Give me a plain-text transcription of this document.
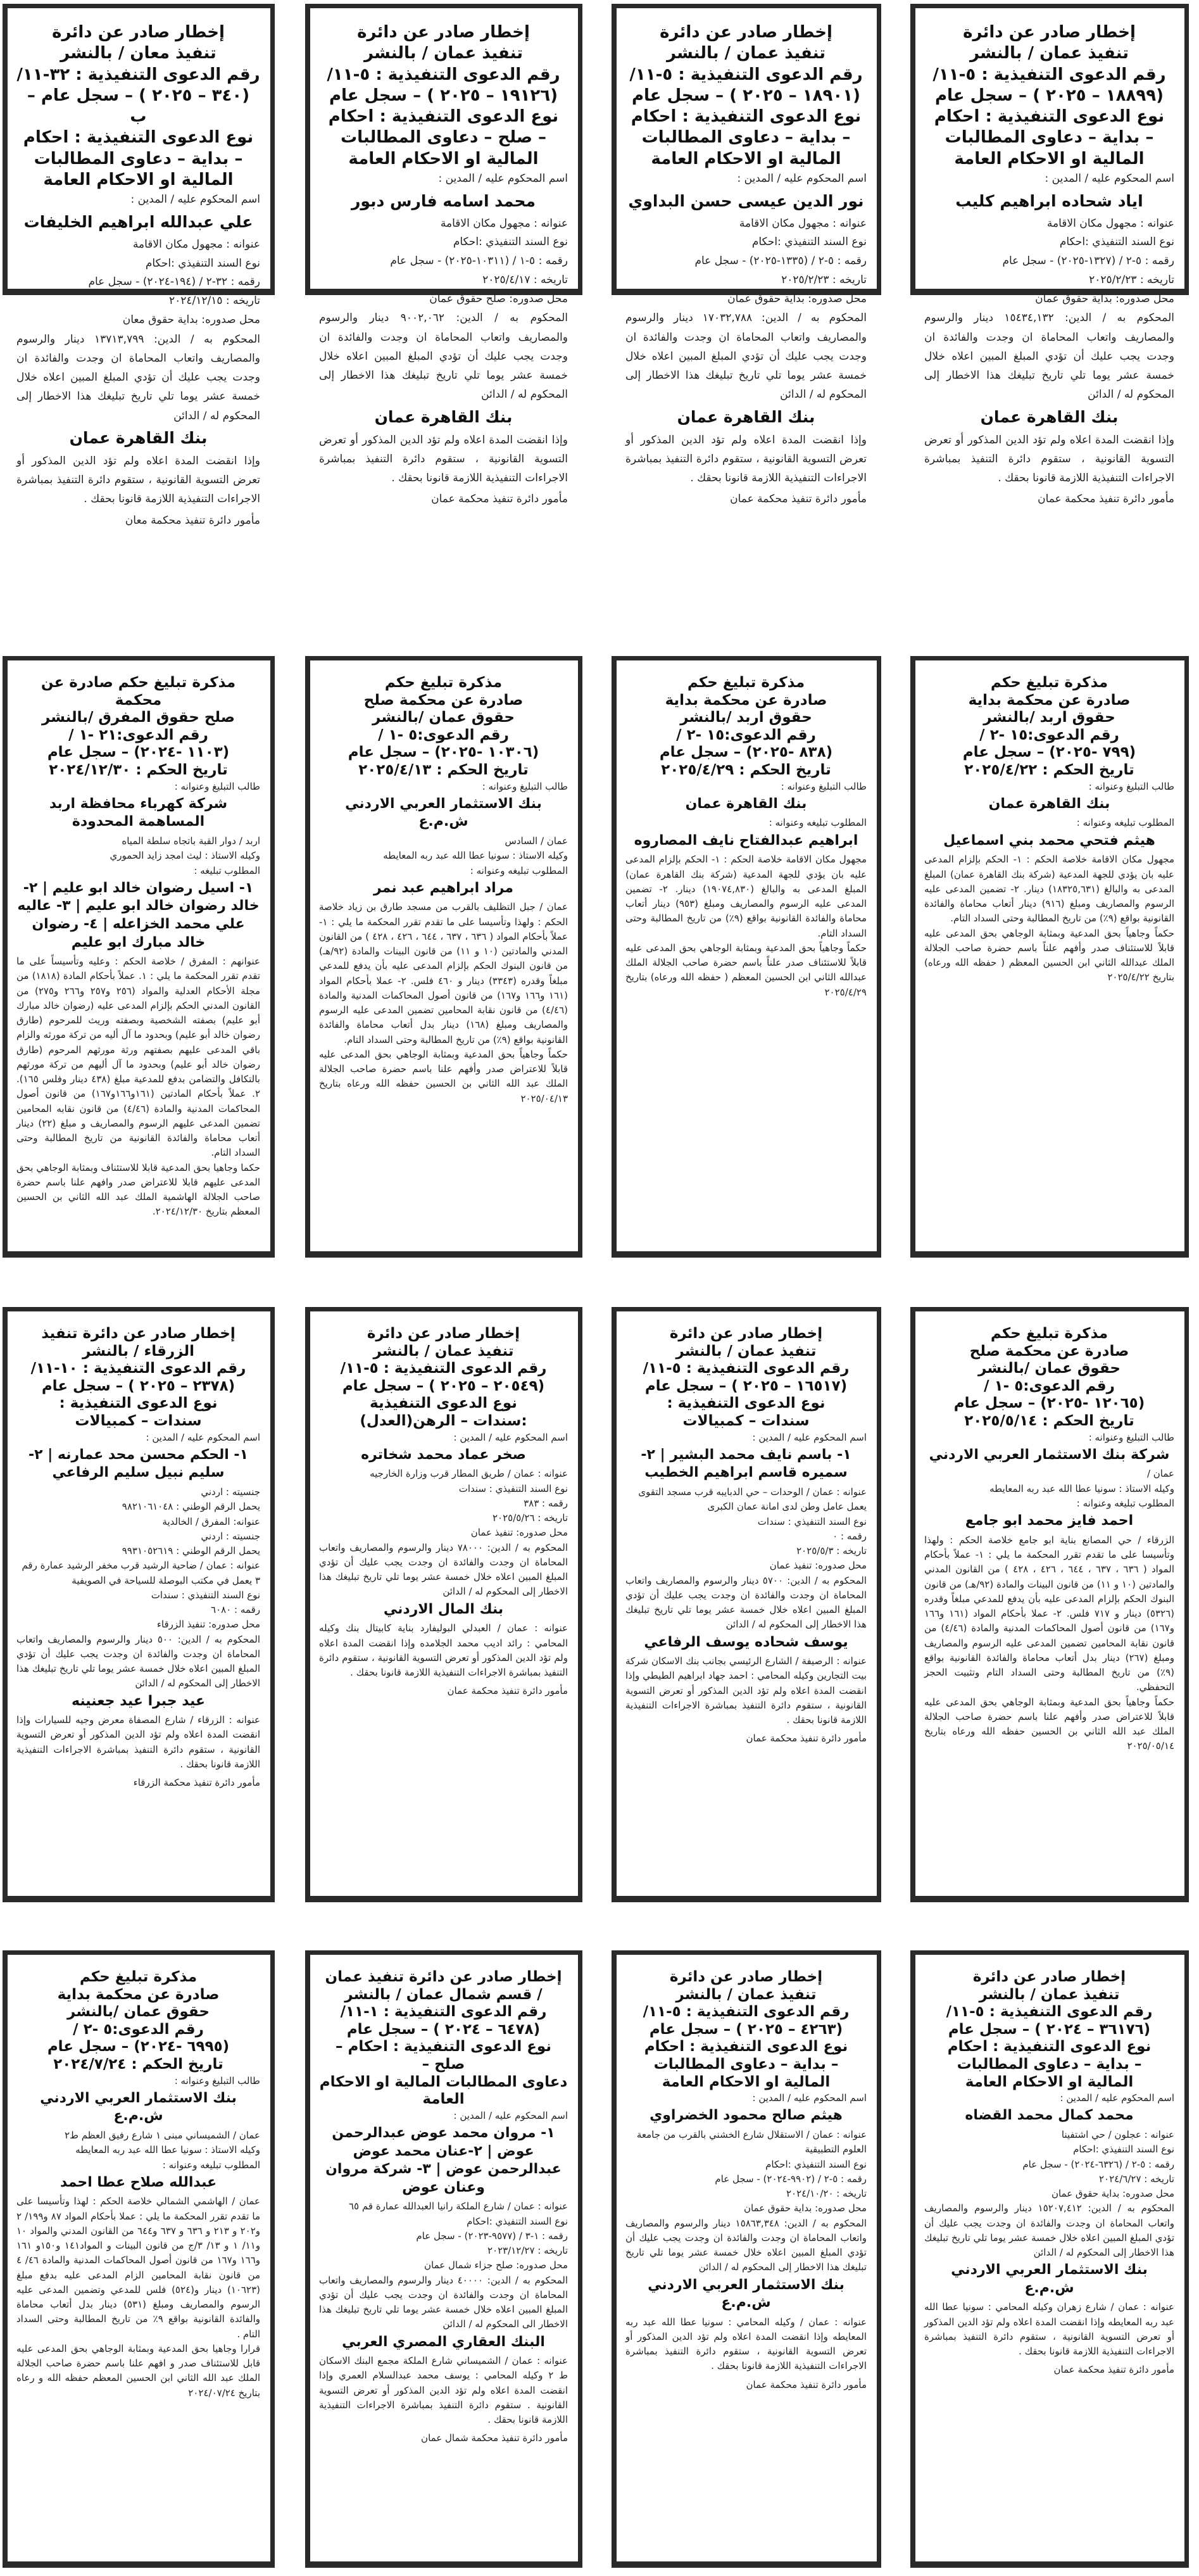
إخطار صادر عن دائرة
تنفيذ عمان / بالنشر
رقم الدعوى التنفيذية : ٥-١١/
(١٨٨٩٩ – ٢٠٢٥ ) – سجل عام
نوع الدعوى التنفيذية : احكام
– بداية – دعاوى المطالبات
المالية او الاحكام العامة
اسم المحكوم عليه / المدين :
اياد شحاده ابراهيم كليب
عنوانه : مجهول مكان الاقامة
نوع السند التنفيذي :احكام
رقمه : ٥-٢ / (١٣٢٧-٢٠٢٥) - سجل عام
تاريخه : ٢٠٢٥/٢/٢٣
محل صدوره: بداية حقوق عمان
المحكوم به / الدين: ١٥٤٣٤,١٣٢ دينار والرسوم والمصاريف واتعاب المحاماة ان وجدت والفائدة ان وجدت يجب عليك أن تؤدي المبلغ المبين اعلاه خلال خمسة عشر يوما تلي تاريخ تبليغك هذا الاخطار إلى المحكوم له / الدائن
بنك القاهرة عمان
وإذا انقضت المدة اعلاه ولم تؤد الدين المذكور أو تعرض التسوية القانونية ، ستقوم دائرة التنفيذ بمباشرة الاجراءات التنفيذية اللازمة قانونا بحقك .
مأمور دائرة تنفيذ محكمة عمان
إخطار صادر عن دائرة
تنفيذ عمان / بالنشر
رقم الدعوى التنفيذية : ٥-١١/
(١٨٩٠١ – ٢٠٢٥ ) – سجل عام
نوع الدعوى التنفيذية : احكام
– بداية – دعاوى المطالبات
المالية او الاحكام العامة
اسم المحكوم عليه / المدين :
نور الدين عيسى حسن البداوي
عنوانه : مجهول مكان الاقامة
نوع السند التنفيذي :احكام
رقمه : ٥-٢ / (١٣٣٥-٢٠٢٥) - سجل عام
تاريخه : ٢٠٢٥/٢/٢٣
محل صدوره: بداية حقوق عمان
المحكوم به / الدين: ١٧٠٣٢,٧٨٨ دينار والرسوم والمصاريف واتعاب المحاماة ان وجدت والفائدة ان وجدت يجب عليك أن تؤدي المبلغ المبين اعلاه خلال خمسة عشر يوما تلي تاريخ تبليغك هذا الاخطار إلى المحكوم له / الدائن
بنك القاهرة عمان
وإذا انقضت المدة اعلاه ولم تؤد الدين المذكور أو تعرض التسوية القانونية ، ستقوم دائرة التنفيذ بمباشرة الاجراءات التنفيذية اللازمة قانونا بحقك .
مأمور دائرة تنفيذ محكمة عمان
إخطار صادر عن دائرة
تنفيذ عمان / بالنشر
رقم الدعوى التنفيذية : ٥-١١/
(١٩١٢٦ – ٢٠٢٥ ) – سجل عام
نوع الدعوى التنفيذية : احكام
– صلح – دعاوى المطالبات
المالية او الاحكام العامة
اسم المحكوم عليه / المدين :
محمد اسامه فارس دبور
عنوانه : مجهول مكان الاقامة
نوع السند التنفيذي :احكام
رقمه : ٥-١ / (١٠٣١١-٢٠٢٥) - سجل عام
تاريخه : ٢٠٢٥/٤/١٧
محل صدوره: صلح حقوق عمان
المحكوم به / الدين: ٩٠٠٢,٠٦٢ دينار والرسوم والمصاريف واتعاب المحاماة ان وجدت والفائدة ان وجدت يجب عليك أن تؤدي المبلغ المبين اعلاه خلال خمسة عشر يوما تلي تاريخ تبليغك هذا الاخطار إلى المحكوم له / الدائن
بنك القاهرة عمان
وإذا انقضت المدة اعلاه ولم تؤد الدين المذكور أو تعرض التسوية القانونية ، ستقوم دائرة التنفيذ بمباشرة الاجراءات التنفيذية اللازمة قانونا بحقك .
مأمور دائرة تنفيذ محكمة عمان
إخطار صادر عن دائرة
تنفيذ معان / بالنشر
رقم الدعوى التنفيذية : ٣٢-١١/
(٣٤٠ – ٢٠٢٥ ) – سجل عام – ب
نوع الدعوى التنفيذية : احكام
– بداية – دعاوى المطالبات
المالية او الاحكام العامة
اسم المحكوم عليه / المدين :
علي عبدالله ابراهيم الخليفات
عنوانه : مجهول مكان الاقامة
نوع السند التنفيذي :احكام
رقمه : ٣٢-٢ / (١٩٤-٢٠٢٤) - سجل عام
تاريخه : ٢٠٢٤/١٢/١٥
محل صدوره: بداية حقوق معان
المحكوم به / الدين: ١٣٧١٣,٧٩٩ دينار والرسوم والمصاريف واتعاب المحاماة ان وجدت والفائدة ان وجدت يجب عليك أن تؤدي المبلغ المبين اعلاه خلال خمسة عشر يوما تلي تاريخ تبليغك هذا الاخطار إلى المحكوم له / الدائن
بنك القاهرة عمان
وإذا انقضت المدة اعلاه ولم تؤد الدين المذكور أو تعرض التسوية القانونية ، ستقوم دائرة التنفيذ بمباشرة الاجراءات التنفيذية اللازمة قانونا بحقك .
مأمور دائرة تنفيذ محكمة معان
مذكرة تبليغ حكم
صادرة عن محكمة بداية
حقوق اربد /بالنشر
رقم الدعوى:١٥ -٢ /
(٧٩٩ -٢٠٢٥) – سجل عام
تاريخ الحكم : ٢٠٢٥/٤/٢٢
طالب التبليغ وعنوانه :
بنك القاهرة عمان
المطلوب تبليغه وعنوانه :
هيثم فتحي محمد بني اسماعيل
مجهول مكان الاقامة خلاصة الحكم : ١- الحكم بإلزام المدعى عليه بان يؤدي للجهة المدعية (شركة بنك القاهرة عمان) المبلغ المدعى به والبالغ (١٨٣٢٥,٦٣١) دينار. ٢- تضمين المدعى عليه الرسوم والمصاريف ومبلغ (٩١٦) دينار أتعاب محاماة والفائدة القانونية بواقع (٩٪) من تاريخ المطالبة وحتى السداد التام.
حكماً وجاهياً بحق المدعية وبمثابة الوجاهي بحق المدعى عليه قابلاً للاستئناف صدر وأفهم علناً باسم حضرة صاحب الجلالة الملك عبدالله الثاني ابن الحسين المعظم ( حفظه الله ورعاه) بتاريخ ٢٠٢٥/٤/٢٢
مذكرة تبليغ حكم
صادرة عن محكمة بداية
حقوق اربد /بالنشر
رقم الدعوى:١٥ -٢ /
(٨٣٨ -٢٠٢٥) – سجل عام
تاريخ الحكم : ٢٠٢٥/٤/٢٩
طالب التبليغ وعنوانه :
بنك القاهرة عمان
المطلوب تبليغه وعنوانه :
ابراهيم عبدالفتاح نايف المصاروه
مجهول مكان الاقامة خلاصة الحكم : ١- الحكم بإلزام المدعى عليه بان يؤدي للجهة المدعية (شركة بنك القاهرة عمان) المبلغ المدعى به والبالغ (١٩٠٧٤,٨٣٠) دينار. ٢- تضمين المدعى عليه الرسوم والمصاريف ومبلغ (٩٥٣) دينار أتعاب محاماة والفائدة القانونية بواقع (٩٪) من تاريخ المطالبة وحتى السداد التام.
حكماً وجاهياً بحق المدعية وبمثابة الوجاهي بحق المدعى عليه قابلاً للاستئناف صدر علناً باسم حضرة صاحب الجلالة الملك عبدالله الثاني ابن الحسين المعظم ( حفظه الله ورعاه) بتاريخ ٢٠٢٥/٤/٢٩
مذكرة تبليغ حكم
صادرة عن محكمة صلح
حقوق عمان /بالنشر
رقم الدعوى:٥ -١ /
(١٠٣٠٦ -٢٠٢٥) – سجل عام
تاريخ الحكم : ٢٠٢٥/٤/١٣
طالب التبليغ وعنوانه :
بنك الاستثمار العربي الاردني ش.م.ع
عمان / السادس
وكيله الاستاذ : سونيا عطا الله عبد ربه المعايطه
المطلوب تبليغه وعنوانه :
مراد ابراهيم عبد نمر
عمان / جبل التظليف بالقرب من مسجد طارق بن زياد خلاصة الحكم : ولهذا وتأسيسا على ما تقدم تقرر المحكمة ما يلي : ١- عملاً بأحكام المواد ( ٦٣٦ ، ٦٣٧ ، ٦٤٤ ، ٤٢٦ ، ٤٢٨ ) من القانون المدني والمادتين (١٠ و ١١) من قانون البينات والمادة (٩٢/هـ) من قانون البنوك الحكم بإلزام المدعى عليه بأن يدفع للمدعي مبلغاً وقدره (٣٣٤٣) دينار و ٤٦٠ فلس. ٢- عملا بأحكام المواد (١٦١ و١٦٦ و١٦٧) من قانون أصول المحاكمات المدنية والمادة (٤/٤٦) من قانون نقابة المحامين تضمين المدعى عليه الرسوم والمصاريف ومبلغ (١٦٨) دينار بدل أتعاب محاماة والفائدة القانونية بواقع (٩٪) من تاريخ المطالبة وحتى السداد التام.
حكماً وجاهياً بحق المدعية وبمثابة الوجاهي بحق المدعى عليه قابلاً للاعتراض صدر وأفهم علنا باسم حضرة صاحب الجلالة الملك عبد الله الثاني بن الحسين حفظه الله ورعاه بتاريخ ٢٠٢٥/٠٤/١٣
مذكرة تبليغ حكم صادرة عن محكمة
صلح حقوق المفرق /بالنشر
رقم الدعوى:٢١ -١ /
(١١٠٣ -٢٠٢٤) – سجل عام
تاريخ الحكم : ٢٠٢٤/١٢/٣٠
طالب التبليغ وعنوانه :
شركة كهرباء محافظة اربد المساهمة المحدودة
اربد / دوار القبة باتجاه سلطة المياه
وكيله الاستاذ : ليث امجد زايد الحموري
المطلوب تبليغه :
١- اسيل رضوان خالد ابو عليم | ٢- خالد رضوان خالد ابو عليم | ٣- عاليه علي محمد الخزاعله | ٤- رضوان خالد مبارك ابو عليم
عنوانهم : المفرق / خلاصة الحكم : وعليه وتأسيساً على ما تقدم تقرر المحكمة ما يلي : ١. عملاً بأحكام المادة (١٨١٨) من مجلة الأحكام العدلية والمواد (٢٥٦ و٢٥٧ و٢٦٦ و٢٧٥) من القانون المدني الحكم بإلزام المدعى عليه (رضوان خالد مبارك أبو عليم) بصفته الشخصية وبصفته وريث للمرحوم (طارق رضوان خالد أبو عليم) وبحدود ما آل أليه من تركة مورثه والزام باقي المدعى عليهم بصفتهم ورثة مورثهم المرحوم (طارق رضوان خالد أبو عليم) وبحدود ما آل أليهم من تركة مورثهم بالتكافل والتضامن بدفع للمدعية مبلغ (٤٣٨ دينار وفلس ١٦٥). ٢. عملاً بأحكام المادتين (١٦١و١٦٦و١٦٧) من قانون أصول المحاكمات المدنية والمادة (٤/٤٦) من قانون نقابه المحامين تضمين المدعى عليهم الرسوم والمصاريف و مبلغ (٢٢) دينار أتعاب محاماة والفائدة القانونية من تاريخ المطالبة وحتى السداد التام.
حكما وجاهيا بحق المدعية قابلا للاستئناف وبمثابة الوجاهي بحق المدعى عليهم قابلا للاعتراض صدر وافهم علنا باسم حضرة صاحب الجلالة الهاشمية الملك عبد الله الثاني بن الحسين المعظم بتاريخ ٢٠٢٤/١٢/٣٠.
مذكرة تبليغ حكم
صادرة عن محكمة صلح
حقوق عمان /بالنشر
رقم الدعوى:٥ -١ /
(١٢٠٦٥ -٢٠٢٥) – سجل عام
تاريخ الحكم : ٢٠٢٥/٥/١٤
طالب التبليغ وعنوانه :
شركة بنك الاستثمار العربي الاردني
عمان /
وكيله الاستاذ : سونيا عطا الله عبد ربه المعايطه
المطلوب تبليغه وعنوانه :
احمد فايز محمد ابو جامع
الزرقاء / حي المصانع بناية ابو جامع خلاصة الحكم : ولهذا وتأسيسا على ما تقدم تقرر المحكمة ما يلي : ١- عملاً بأحكام المواد ( ٦٣٦ ، ٦٣٧ ، ٦٤٤ ، ٤٢٦ ، ٤٢٨ ) من القانون المدني والمادتين (١٠ و ١١) من قانون البينات والمادة (٩٢/هـ) من قانون البنوك الحكم بإلزام المدعى عليه بأن يدفع للمدعي مبلغاً وقدره (٥٣٢٦) دينار و ٧١٧ فلس. ٢- عملا بأحكام المواد (١٦١ و١٦٦ و١٦٧) من قانون أصول المحاكمات المدنية والمادة (٤/٤٦) من قانون نقابة المحامين تضمين المدعى عليه الرسوم والمصاريف ومبلغ (٢٦٧) دينار بدل أتعاب محاماة والفائدة القانونية بواقع (٩٪) من تاريخ المطالبة وحتى السداد التام وتثبيت الحجز التحفظي.
حكماً وجاهياً بحق المدعية وبمثابة الوجاهي بحق المدعى عليه قابلاً للاعتراض صدر وأفهم علنا باسم حضرة صاحب الجلالة الملك عبد الله الثاني بن الحسين حفظه الله ورعاه بتاريخ ٢٠٢٥/٠٥/١٤
إخطار صادر عن دائرة
تنفيذ عمان / بالنشر
رقم الدعوى التنفيذية : ٥-١١/
(١٦٥١٧ – ٢٠٢٥ ) – سجل عام
نوع الدعوى التنفيذية :
سندات – كمبيالات
اسم المحكوم عليه / المدين :
١- باسم نايف محمد البشير | ٢- سميره قاسم ابراهيم الخطيب
عنوانه : عمان / الوحدات – حي الدبايبه قرب مسجد التقوى يعمل عامل وطن لدى امانة عمان الكبرى
نوع السند التنفيذي : سندات
رقمه : ٠
تاريخه : ٢٠٢٥/٥/٣
محل صدوره: تنفيذ عمان
المحكوم به / الدين: ٥٧٠٠ دينار والرسوم والمصاريف واتعاب المحاماة ان وجدت والفائدة ان وجدت يجب عليك أن تؤدي المبلغ المبين اعلاه خلال خمسة عشر يوما تلي تاريخ تبليغك هذا الاخطار إلى المحكوم له / الدائن
يوسف شحاده يوسف الرفاعي
عنوانه : الرصيفة / الشارع الرئيسي بجانب بنك الاسكان شركة بيت التجارين وكيله المحامي : احمد جهاد ابراهيم الطيطي وإذا انقضت المدة اعلاه ولم تؤد الدين المذكور أو تعرض التسوية القانونية ، ستقوم دائرة التنفيذ بمباشرة الاجراءات التنفيذية اللازمة قانونا بحقك .
مأمور دائرة تنفيذ محكمة عمان
إخطار صادر عن دائرة
تنفيذ عمان / بالنشر
رقم الدعوى التنفيذية : ٥-١١/
(٢٠٥٤٩ – ٢٠٢٥ ) – سجل عام
نوع الدعوى التنفيذية
:سندات – الرهن(العدل)
اسم المحكوم عليه / المدين :
صخر عماد محمد شخاتره
عنوانه : عمان / طريق المطار قرب وزارة الخارجيه
نوع السند التنفيذي : سندات
رقمه : ٣٨٣
تاريخه : ٢٠٢٥/٥/٢٦
محل صدوره: تنفيذ عمان
المحكوم به / الدين: ٧٨٠٠٠ دينار والرسوم والمصاريف واتعاب المحاماة ان وجدت والفائدة ان وجدت يجب عليك أن تؤدي المبلغ المبين اعلاه خلال خمسة عشر يوما تلي تاريخ تبليغك هذا الاخطار إلى المحكوم له / الدائن
بنك المال الاردني
عنوانه : عمان / العبدلي البوليفارد بناية كابيتال بنك وكيله المحامي : رائد اديب محمد الجلامده وإذا انقضت المدة اعلاه ولم تؤد الدين المذكور أو تعرض التسوية القانونية ، ستقوم دائرة التنفيذ بمباشرة الاجراءات التنفيذية اللازمة قانونا بحقك .
مأمور دائرة تنفيذ محكمة عمان
إخطار صادر عن دائرة تنفيذ
الزرقاء / بالنشر
رقم الدعوى التنفيذية : ١٠-١١/
(٢٣٧٨ – ٢٠٢٥ ) – سجل عام
نوع الدعوى التنفيذية :
سندات – كمبيالات
اسم المحكوم عليه / المدين :
١- الحكم محسن محد عمارنه | ٢- سليم نبيل سليم الرفاعي
جنسيته : اردني
يحمل الرقم الوطني : ٩٨٢١٠٦١٠٤٨
عنوانه: المفرق / الخالدية
جنسيته : اردني
يحمل الرقم الوطني : ٩٩٣١٠٥٢٦١٩
عنوانه : عمان / ضاحية الرشيد قرب مخفر الرشيد عمارة رقم ٣ يعمل في مكتب البوصلة للسياحة في الصويفية
نوع السند التنفيذي : سندات
رقمه : ٦٠٨٠
محل صدوره: تنفيذ الزرقاء
المحكوم به / الدين: ٥٠٠ دينار والرسوم والمصاريف واتعاب المحاماة ان وجدت والفائدة ان وجدت يجب عليك أن تؤدي المبلغ المبين اعلاه خلال خمسة عشر يوما تلي تاريخ تبليغك هذا الاخطار إلى المحكوم له / الدائن
عيد جبرا عيد جعنينه
عنوانه : الزرقاء / شارع المصفاة معرض وجيه للسيارات وإذا انقضت المدة اعلاه ولم تؤد الدين المذكور أو تعرض التسوية القانونية ، ستقوم دائرة التنفيذ بمباشرة الاجراءات التنفيذية اللازمة قانونا بحقك .
مأمور دائرة تنفيذ محكمة الزرقاء
إخطار صادر عن دائرة
تنفيذ عمان / بالنشر
رقم الدعوى التنفيذية : ٥-١١/
(٣٦١٧٦ – ٢٠٢٤ ) – سجل عام
نوع الدعوى التنفيذية : احكام
– بداية – دعاوى المطالبات
المالية او الاحكام العامة
اسم المحكوم عليه / المدين :
محمد كمال محمد القضاه
عنوانه : عجلون / حي اشتفينا
نوع السند التنفيذي :احكام
رقمه : ٥-٢ / (٦٣٢٦-٢٠٢٤) - سجل عام
تاريخه : ٢٠٢٤/٦/٢٧
محل صدوره: بداية حقوق عمان
المحكوم به / الدين: ١٥٢٠٧,٤١٢ دينار والرسوم والمصاريف واتعاب المحاماة ان وجدت والفائدة ان وجدت يجب عليك أن تؤدي المبلغ المبين اعلاه خلال خمسة عشر يوما تلي تاريخ تبليغك هذا الاخطار إلى المحكوم له / الدائن
بنك الاستثمار العربي الاردني ش.م.ع
عنوانه : عمان / شارع زهران وكيله المحامي : سونيا عطا الله عبد ربه المعايطه وإذا انقضت المدة اعلاه ولم تؤد الدين المذكور أو تعرض التسوية القانونية ، ستقوم دائرة التنفيذ بمباشرة الاجراءات التنفيذية اللازمة قانونا بحقك .
مأمور دائرة تنفيذ محكمة عمان
إخطار صادر عن دائرة
تنفيذ عمان / بالنشر
رقم الدعوى التنفيذية : ٥-١١/
(٤٢٦٣ – ٢٠٢٥ ) – سجل عام
نوع الدعوى التنفيذية : احكام
– بداية – دعاوى المطالبات
المالية او الاحكام العامة
اسم المحكوم عليه / المدين :
هيثم صالح محمود الخضراوي
عنوانه : عمان / الاستقلال شارع الخشني بالقرب من جامعة العلوم التطبيقية
نوع السند التنفيذي :احكام
رقمه : ٥-٢ / (٩٩٠٢-٢٠٢٤) - سجل عام
تاريخه : ٢٠٢٤/١٠/٢٠
محل صدوره: بداية حقوق عمان
المحكوم به / الدين: ١٥٨٦٣,٣٤٨ دينار والرسوم والمصاريف واتعاب المحاماة ان وجدت والفائدة ان وجدت يجب عليك أن تؤدي المبلغ المبين اعلاه خلال خمسة عشر يوما تلي تاريخ تبليغك هذا الاخطار إلى المحكوم له / الدائن
بنك الاستثمار العربي الاردني ش.م.ع
عنوانه : عمان / وكيله المحامي : سونيا عطا الله عبد ربه المعايطه وإذا انقضت المدة اعلاه ولم تؤد الدين المذكور أو تعرض التسوية القانونية ، ستقوم دائرة التنفيذ بمباشرة الاجراءات التنفيذية اللازمة قانونا بحقك .
مأمور دائرة تنفيذ محكمة عمان
إخطار صادر عن دائرة تنفيذ عمان
/ قسم شمال عمان / بالنشر
رقم الدعوى التنفيذية : ١-١١/
(٦٤٧٨ – ٢٠٢٤ ) – سجل عام
نوع الدعوى التنفيذية : احكام – صلح –
دعاوى المطالبات المالية او الاحكام العامة
اسم المحكوم عليه / المدين :
١- مروان محمد عوض عبدالرحمن عوض | ٢-عنان محمد عوض عبدالرحمن عوض | ٣- شركة مروان وعنان عوض
عنوانه : عمان / شارع الملكة رانيا العبدالله عمارة قم ٦٥
نوع السند التنفيذي :احكام
رقمه : ١-٣ / (٩٥٧٧-٢٠٢٣) - سجل عام
تاريخه : ٢٠٢٣/١٢/٢٧
محل صدوره: صلح جزاء شمال عمان
المحكوم به / الدين: ٤٠٠٠٠ دينار والرسوم والمصاريف واتعاب المحاماة ان وجدت والفائدة ان وجدت يجب عليك أن تؤدي المبلغ المبين اعلاه خلال خمسة عشر يوما تلي تاريخ تبليغك هذا الاخطار الى المحكوم له / الدائن
البنك العقاري المصري العربي
عنوانه : عمان / الشميساني شارع الملكة مجمع البنك الاسكان ط ٢ وكيله المحامي : يوسف محمد عبدالسلام العمري وإذا انقضت المدة اعلاه ولم تؤد الدين المذكور أو تعرض التسوية القانونية . ستقوم دائرة التنفيذ بمباشرة الاجراءات التنفيذية اللازمة قانونا بحقك .
مأمور دائرة تنفيذ محكمة شمال عمان
مذكرة تبليغ حكم
صادرة عن محكمة بداية
حقوق عمان /بالنشر
رقم الدعوى:٥ -٢ /
(٦٩٩٥ -٢٠٢٤) – سجل عام
تاريخ الحكم : ٢٠٢٤/٧/٢٤
طالب التبليغ وعنوانه :
بنك الاستثمار العربي الاردني ش.م.ع
عمان / الشميساني مبنى ١ شارع رفيق العظم ط٢
وكيله الاستاذ : سونيا عطا الله عبد ربه المعايطه
المطلوب تبليغه وعنوانه :
عبدالله صلاح عطا احمد
عمان / الهاشمي الشمالي خلاصة الحكم : لهذا وتأسيسا على ما تقدم تقرر المحكمة ما يلي : عملا بأحكام المواد ٨٧ و١٩٩/ ٢ و٢٠٢ و ٢١٣ و ٦٣٦ و ٦٣٧ و٦٤٤ من القانون المدني والمواد ١٠ و١١/ ١ و ١٣/ ٣/ج من قانون البينات و المواد١٤١ و١٥٠و ١٦١ و١٦٦ و١٦٧ من قانون أصول المحاكمات المدنية والمادة ٤٦/ ٤ من قانون نقابة المحامين الزام المدعى عليه بدفع مبلغ (١٠٦٢٣) دينار و(٥٢٤) فلس للمدعي وتضمين المدعى عليه الرسوم والمصاريف ومبلغ (٥٣١) دينار بدل أتعاب محاماة والفائدة القانونية بواقع ٩٪ من تاريخ المطالبة وحتى السداد التام .
قرارا وجاهيا بحق المدعية وبمثابة الوجاهي بحق المدعى عليه قابل للاستئناف صدر و افهم علنا باسم حضرة صاحب الجلالة الملك عبد الله الثاني ابن الحسين المعظم حفظه الله و رعاه بتاريخ ٢٠٢٤/٠٧/٢٤
